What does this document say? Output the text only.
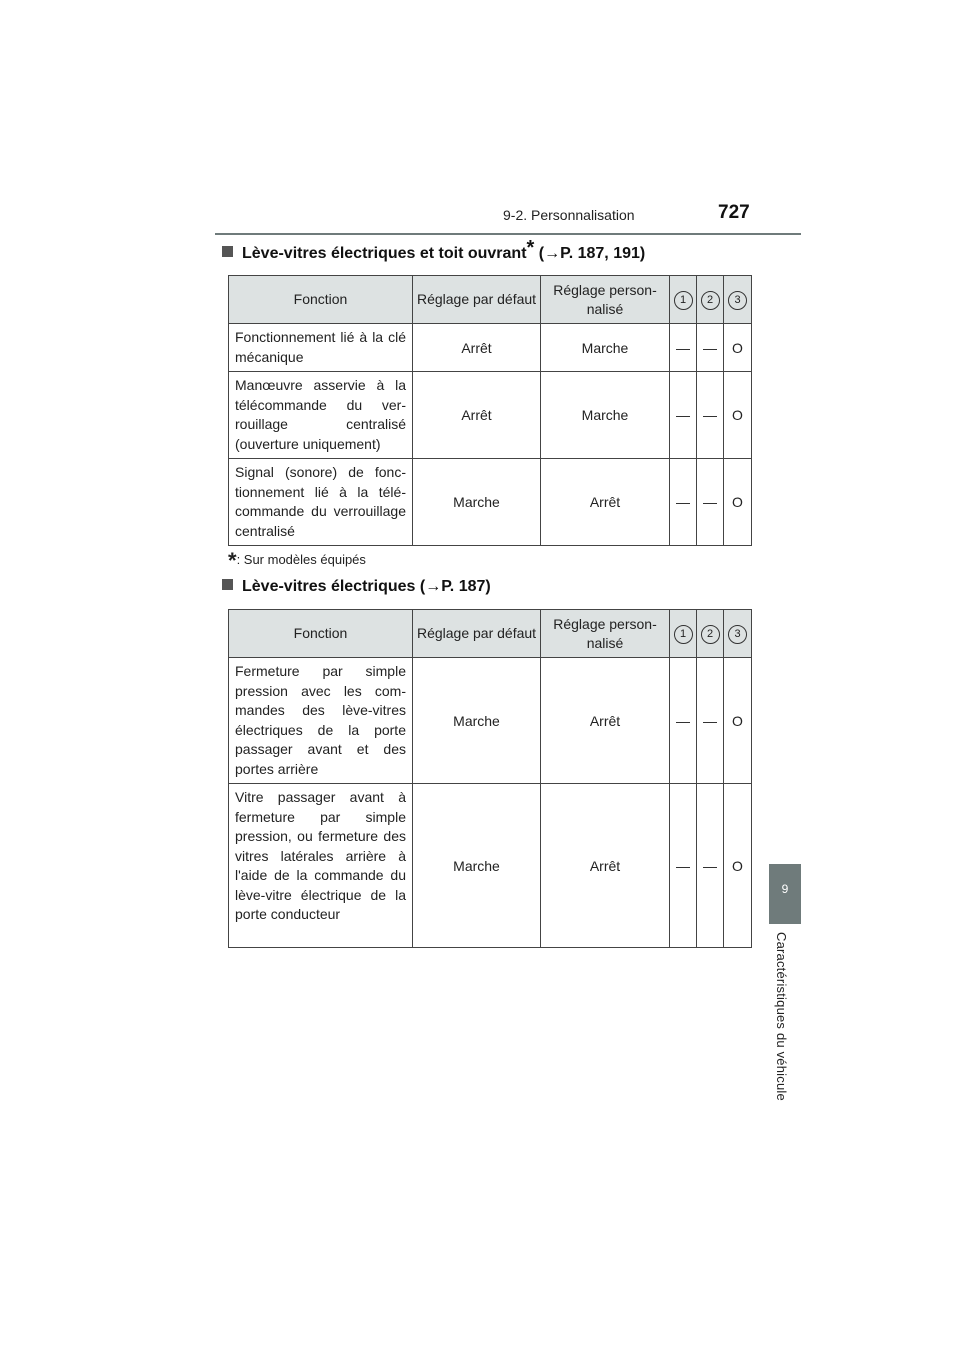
9-2. Personnalisation	727
9
Caractéristiques du véhicule
Lève-vitres électriques et toit ouvrant* (→P. 187, 191)
Fonction	Réglage par défaut	Réglage person-nalisé	1	2	3
Fonctionnement lié à la clé mécanique	Arrêt	Marche	—	—	O
Manœuvre asservie à la télécommande du ver-rouillage centralisé (ouverture uniquement)	Arrêt	Marche	—	—	O
Signal (sonore) de fonc-tionnement lié à la télé-commande du verrouillage centralisé	Marche	Arrêt	—	—	O
*: Sur modèles équipés
Lève-vitres électriques (→P. 187)
Fonction	Réglage par défaut	Réglage person-nalisé	1	2	3
Fermeture par simple pression avec les com-mandes des lève-vitres électriques de la porte passager avant et des portes arrière	Marche	Arrêt	—	—	O
Vitre passager avant à fermeture par simple pression, ou fermeture des vitres latérales arrière à l'aide de la commande du lève-vitre électrique de la porte conducteur	Marche	Arrêt	—	—	O
